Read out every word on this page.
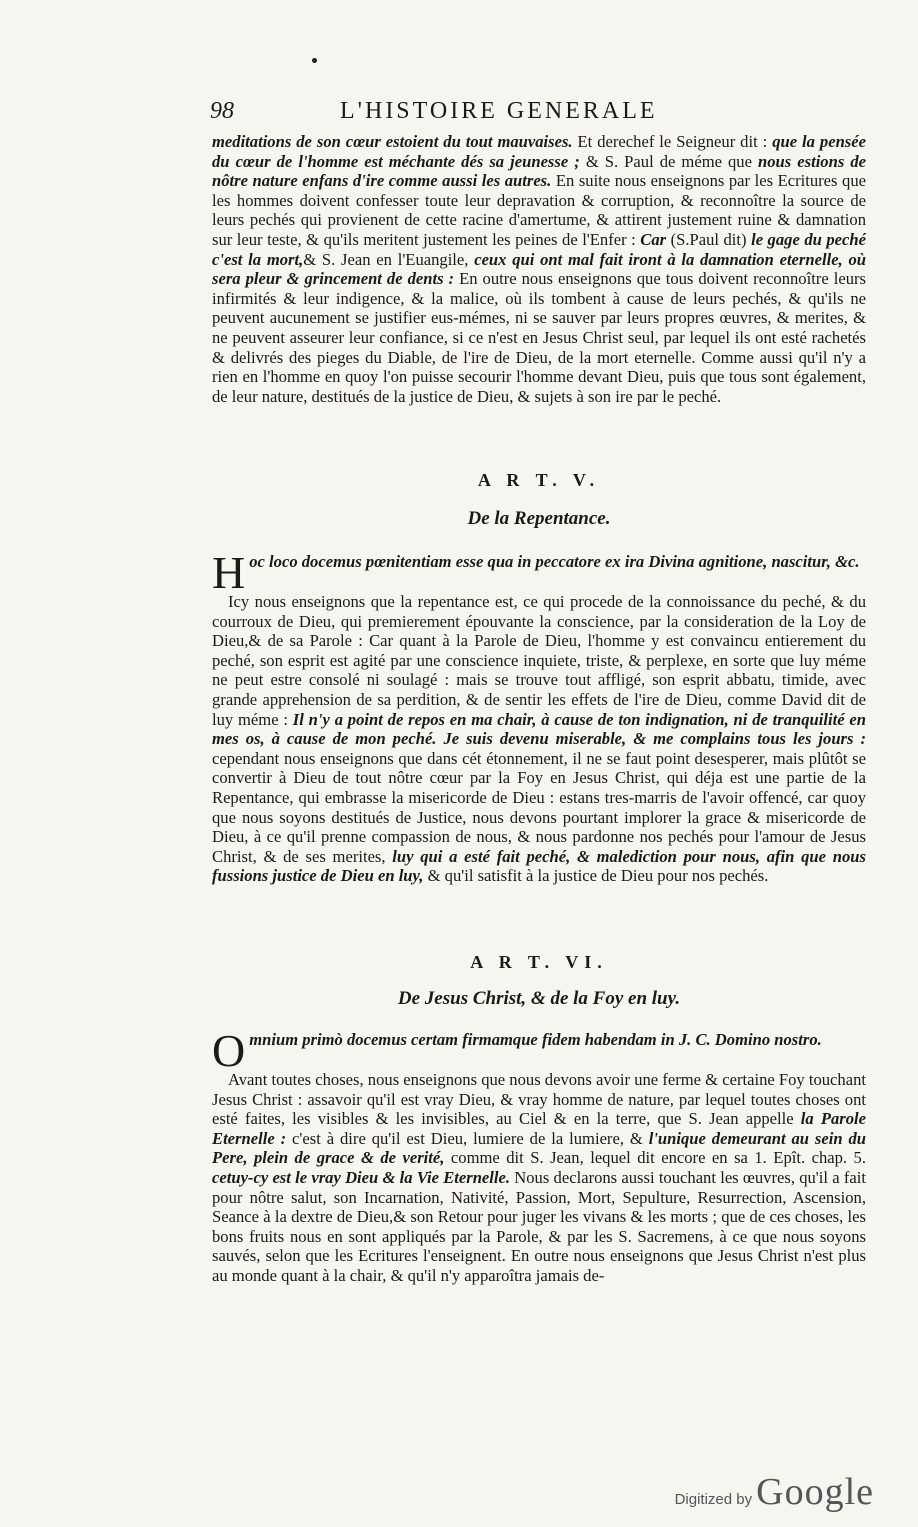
98	L'HISTOIRE GENERALE

meditations de son cœur estoient du tout mauvaises. Et derechef le Seigneur dit : que la pensée du cœur de l'homme est méchante dés sa jeunesse ; & S. Paul de méme que nous estions de nôtre nature enfans d'ire comme aussi les autres. En suite nous enseignons par les Ecritures que les hommes doivent confesser toute leur depravation & corruption, & reconnoître la source de leurs pechés qui provienent de cette racine d'amertume, & attirent justement ruine & damnation sur leur teste, & qu'ils meritent justement les peines de l'Enfer : Car (S.Paul dit) le gage du peché c'est la mort,& S. Jean en l'Euangile, ceux qui ont mal fait iront à la damnation eternelle, où sera pleur & grincement de dents : En outre nous enseignons que tous doivent reconnoître leurs infirmités & leur indigence, & la malice, où ils tombent à cause de leurs pechés, & qu'ils ne peuvent aucunement se justifier eus-mémes, ni se sauver par leurs propres œuvres, & merites, & ne peuvent asseurer leur confiance, si ce n'est en Jesus Christ seul, par lequel ils ont esté rachetés & delivrés des pieges du Diable, de l'ire de Dieu, de la mort eternelle. Comme aussi qu'il n'y a rien en l'homme en quoy l'on puisse secourir l'homme devant Dieu, puis que tous sont également, de leur nature, destitués de la justice de Dieu, & sujets à son ire par le peché.

A R T. V.
De la Repentance.

Hoc loco docemus pœnitentiam esse qua in peccatore ex ira Divina agnitione, nascitur, &c.

Icy nous enseignons que la repentance est, ce qui procede de la connoissance du peché, & du courroux de Dieu, qui premierement épouvante la conscience, par la consideration de la Loy de Dieu,& de sa Parole : Car quant à la Parole de Dieu, l'homme y est convaincu entierement du peché, son esprit est agité par une conscience inquiete, triste, & perplexe, en sorte que luy méme ne peut estre consolé ni soulagé : mais se trouve tout affligé, son esprit abbatu, timide, avec grande apprehension de sa perdition, & de sentir les effets de l'ire de Dieu, comme David dit de luy méme : Il n'y a point de repos en ma chair, à cause de ton indignation, ni de tranquilité en mes os, à cause de mon peché. Je suis devenu miserable, & me complains tous les jours : cependant nous enseignons que dans cét étonnement, il ne se faut point desesperer, mais plûtôt se convertir à Dieu de tout nôtre cœur par la Foy en Jesus Christ, qui déja est une partie de la Repentance, qui embrasse la misericorde de Dieu : estans tres-marris de l'avoir offencé, car quoy que nous soyons destitués de Justice, nous devons pourtant implorer la grace & misericorde de Dieu, à ce qu'il prenne compassion de nous, & nous pardonne nos pechés pour l'amour de Jesus Christ, & de ses merites, luy qui a esté fait peché, & malediction pour nous, afin que nous fussions justice de Dieu en luy, & qu'il satisfit à la justice de Dieu pour nos pechés.

A R T. VI.
De Jesus Christ, & de la Foy en luy.

Omnium primò docemus certam firmamque fidem habendam in J. C. Domino nostro.

Avant toutes choses, nous enseignons que nous devons avoir une ferme & certaine Foy touchant Jesus Christ : assavoir qu'il est vray Dieu, & vray homme de nature, par lequel toutes choses ont esté faites, les visibles & les invisibles, au Ciel & en la terre, que S. Jean appelle la Parole Eternelle : c'est à dire qu'il est Dieu, lumiere de la lumiere, & l'unique demeurant au sein du Pere, plein de grace & de verité, comme dit S. Jean, lequel dit encore en sa 1. Epît. chap. 5. cetuy-cy est le vray Dieu & la Vie Eternelle. Nous declarons aussi touchant les œuvres, qu'il a fait pour nôtre salut, son Incarnation, Nativité, Passion, Mort, Sepulture, Resurrection, Ascension, Seance à la dextre de Dieu,& son Retour pour juger les vivans & les morts ; que de ces choses, les bons fruits nous en sont appliqués par la Parole, & par les S. Sacremens, à ce que nous soyons sauvés, selon que les Ecritures l'enseignent. En outre nous enseignons que Jesus Christ n'est plus au monde quant à la chair, & qu'il n'y apparoîtra jamais de-

Digitized by Google
